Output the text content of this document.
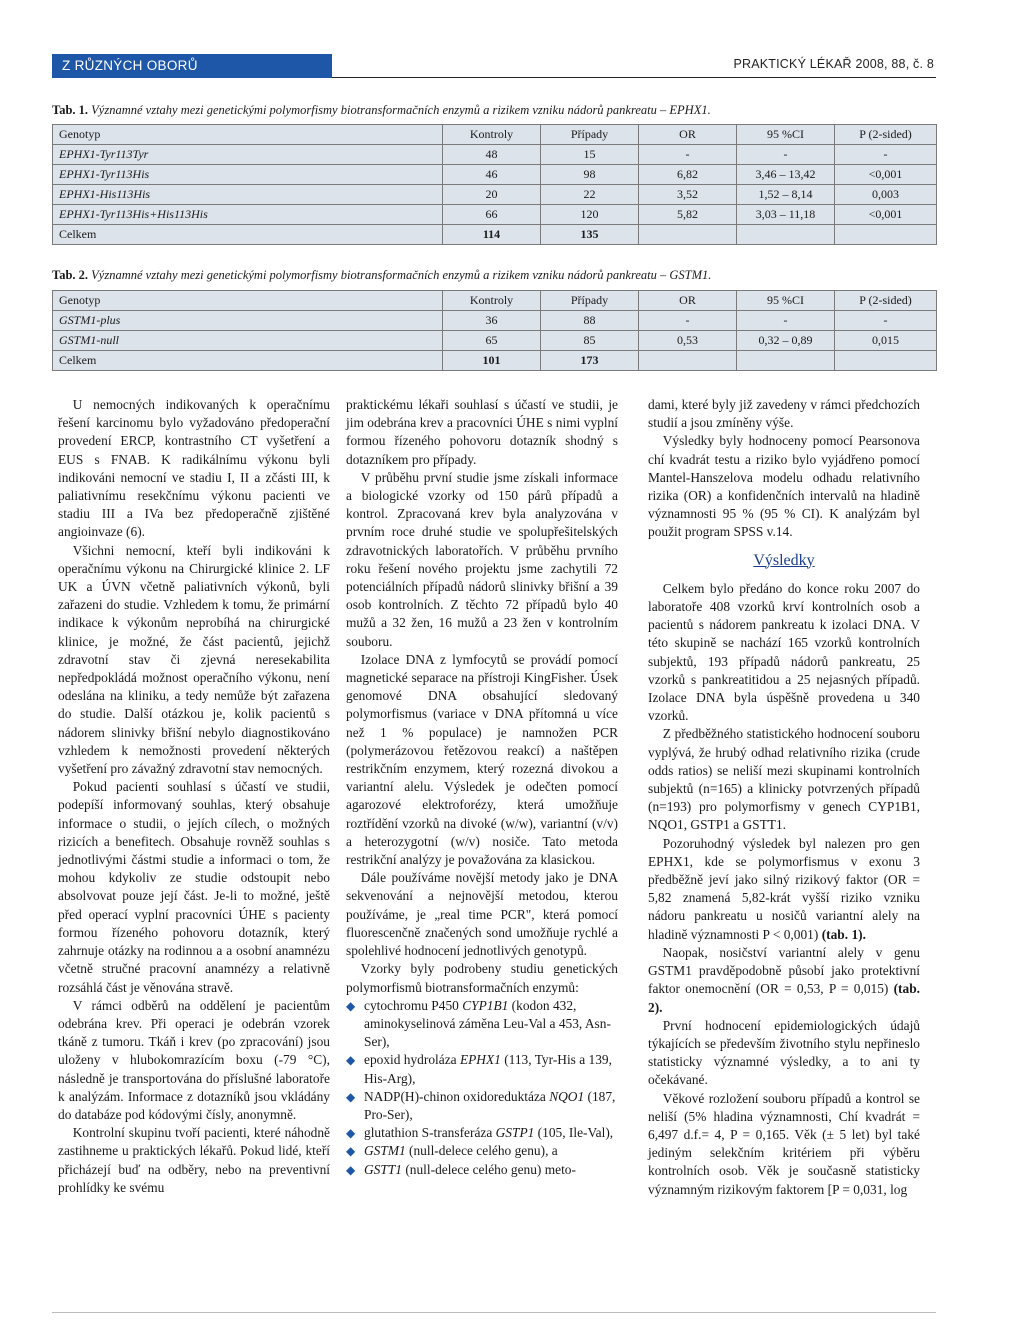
Z RŮZNÝCH OBORŮ	PRAKTICKÝ LÉKAŘ 2008, 88, č. 8
Tab. 1. Významné vztahy mezi genetickými polymorfismy biotransformačních enzymů a rizikem vzniku nádorů pankreatu – EPHX1.
Genotyp	Kontroly	Případy	OR	95 %CI	P (2-sided)
EPHX1-Tyr113Tyr	48	15	-	-	-
EPHX1-Tyr113His	46	98	6,82	3,46 – 13,42	<0,001
EPHX1-His113His	20	22	3,52	1,52 – 8,14	0,003
EPHX1-Tyr113His+His113His	66	120	5,82	3,03 – 11,18	<0,001
Celkem	114	135			
Tab. 2. Významné vztahy mezi genetickými polymorfismy biotransformačních enzymů a rizikem vzniku nádorů pankreatu – GSTM1.
Genotyp	Kontroly	Případy	OR	95 %CI	P (2-sided)
GSTM1-plus	36	88	-	-	-
GSTM1-null	65	85	0,53	0,32 – 0,89	0,015
Celkem	101	173			

U nemocných indikovaných k operačnímu řešení karcinomu bylo vyžadováno předoperační provedení ERCP, kontrastního CT vyšetření a EUS s FNAB. K radikálnímu výkonu byli indikováni nemocní ve stadiu I, II a zčásti III, k paliativnímu resekčnímu výkonu pacienti ve stadiu III a IVa bez předoperačně zjištěné angioinvaze (6).

Všichni nemocní, kteří byli indikováni k operačnímu výkonu na Chirurgické klinice 2. LF UK a ÚVN včetně paliativních výkonů, byli zařazeni do studie. Vzhledem k tomu, že primární indikace k výkonům neprobíhá na chirurgické klinice, je možné, že část pacientů, jejichž zdravotní stav či zjevná neresekabilita nepředpokládá možnost operačního výkonu, není odeslána na kliniku, a tedy nemůže být zařazena do studie. Další otázkou je, kolik pacientů s nádorem slinivky břišní nebylo diagnostikováno vzhledem k nemožnosti provedení některých vyšetření pro závažný zdravotní stav nemocných.

Pokud pacienti souhlasí s účastí ve studii, podepíší informovaný souhlas, který obsahuje informace o studii, o jejích cílech, o možných rizicích a benefitech. Obsahuje rovněž souhlas s jednotlivými částmi studie a informaci o tom, že mohou kdykoliv ze studie odstoupit nebo absolvovat pouze její část. Je-li to možné, ještě před operací vyplní pracovníci ÚHE s pacienty formou řízeného pohovoru dotazník, který zahrnuje otázky na rodinnou a a osobní anamnézu včetně stručné pracovní anamnézy a relativně rozsáhlá část je věnována stravě.

V rámci odběrů na oddělení je pacientům odebrána krev. Při operaci je odebrán vzorek tkáně z tumoru. Tkáň i krev (po zpracování) jsou uloženy v hlubokomrazícím boxu (-79 °C), následně je transportována do příslušné laboratoře k analýzám. Informace z dotazníků jsou vkládány do databáze pod kódovými čísly, anonymně.

Kontrolní skupinu tvoří pacienti, které náhodně zastihneme u praktických lékařů. Pokud lidé, kteří přicházejí buď na odběry, nebo na preventivní prohlídky ke svému

praktickému lékaři souhlasí s účastí ve studii, je jim odebrána krev a pracovníci ÚHE s nimi vyplní formou řízeného pohovoru dotazník shodný s dotazníkem pro případy.

V průběhu první studie jsme získali informace a biologické vzorky od 150 párů případů a kontrol. Zpracovaná krev byla analyzována v prvním roce druhé studie ve spolupřešitelských zdravotnických laboratořích. V průběhu prvního roku řešení nového projektu jsme zachytili 72 potenciálních případů nádorů slinivky břišní a 39 osob kontrolních. Z těchto 72 případů bylo 40 mužů a 32 žen, 16 mužů a 23 žen v kontrolním souboru.

Izolace DNA z lymfocytů se provádí pomocí magnetické separace na přístroji KingFisher. Úsek genomové DNA obsahující sledovaný polymorfismus (variace v DNA přítomná u více než 1 % populace) je namnožen PCR (polymerázovou řetězovou reakcí) a naštěpen restrikčním enzymem, který rozezná divokou a variantní alelu. Výsledek je odečten pomocí agarozové elektroforézy, která umožňuje roztřídění vzorků na divoké (w/w), variantní (v/v) a heterozygotní (w/v) nosiče. Tato metoda restrikční analýzy je považována za klasickou.

Dále používáme novější metody jako je DNA sekvenování a nejnovější metodou, kterou používáme, je „real time PCR", která pomocí fluorescenčně značených sond umožňuje rychlé a spolehlivé hodnocení jednotlivých genotypů.

Vzorky byly podrobeny studiu genetických polymorfismů biotransformačních enzymů:

◆ cytochromu P450 CYP1B1 (kodon 432, aminokyselinová záměna Leu-Val a 453, Asn-Ser),
◆ epoxid hydroláza EPHX1 (113, Tyr-His a 139, His-Arg),
◆ NADP(H)-chinon oxidoreduktáza NQO1 (187, Pro-Ser),
◆ glutathion S-transferáza GSTP1 (105, Ile-Val),
◆ GSTM1 (null-delece celého genu), a
◆ GSTT1 (null-delece celého genu) meto-

dami, které byly již zavedeny v rámci předchozích studií a jsou zmíněny výše.

Výsledky byly hodnoceny pomocí Pearsonova chí kvadrát testu a riziko bylo vyjádřeno pomocí Mantel-Hanszelova modelu odhadu relativního rizika (OR) a konfidenčních intervalů na hladině významnosti 95 % (95 % CI). K analýzám byl použit program SPSS v.14.

Výsledky

Celkem bylo předáno do konce roku 2007 do laboratoře 408 vzorků krví kontrolních osob a pacientů s nádorem pankreatu k izolaci DNA. V této skupině se nachází 165 vzorků kontrolních subjektů, 193 případů nádorů pankreatu, 25 vzorků s pankreatitidou a 25 nejasných případů. Izolace DNA byla úspěšně provedena u 340 vzorků.

Z předběžného statistického hodnocení souboru vyplývá, že hrubý odhad relativního rizika (crude odds ratios) se neliší mezi skupinami kontrolních subjektů (n=165) a klinicky potvrzených případů (n=193) pro polymorfismy v genech CYP1B1, NQO1, GSTP1 a GSTT1.

Pozoruhodný výsledek byl nalezen pro gen EPHX1, kde se polymorfismus v exonu 3 předběžně jeví jako silný rizikový faktor (OR = 5,82 znamená 5,82-krát vyšší riziko vzniku nádoru pankreatu u nosičů variantní alely na hladině významnosti P < 0,001) (tab. 1).

Naopak, nosičství variantní alely v genu GSTM1 pravděpodobně působí jako protektivní faktor onemocnění (OR = 0,53, P = 0,015) (tab. 2).

První hodnocení epidemiologických údajů týkajících se především životního stylu nepřineslo statisticky významné výsledky, a to ani ty očekávané.

Věkové rozložení souboru případů a kontrol se neliší (5% hladina významnosti, Chí kvadrát = 6,497 d.f.= 4, P = 0,165. Věk (± 5 let) byl také jediným selekčním kritériem při výběru kontrolních osob. Věk je současně statisticky významným rizikovým faktorem [P = 0,031, log
